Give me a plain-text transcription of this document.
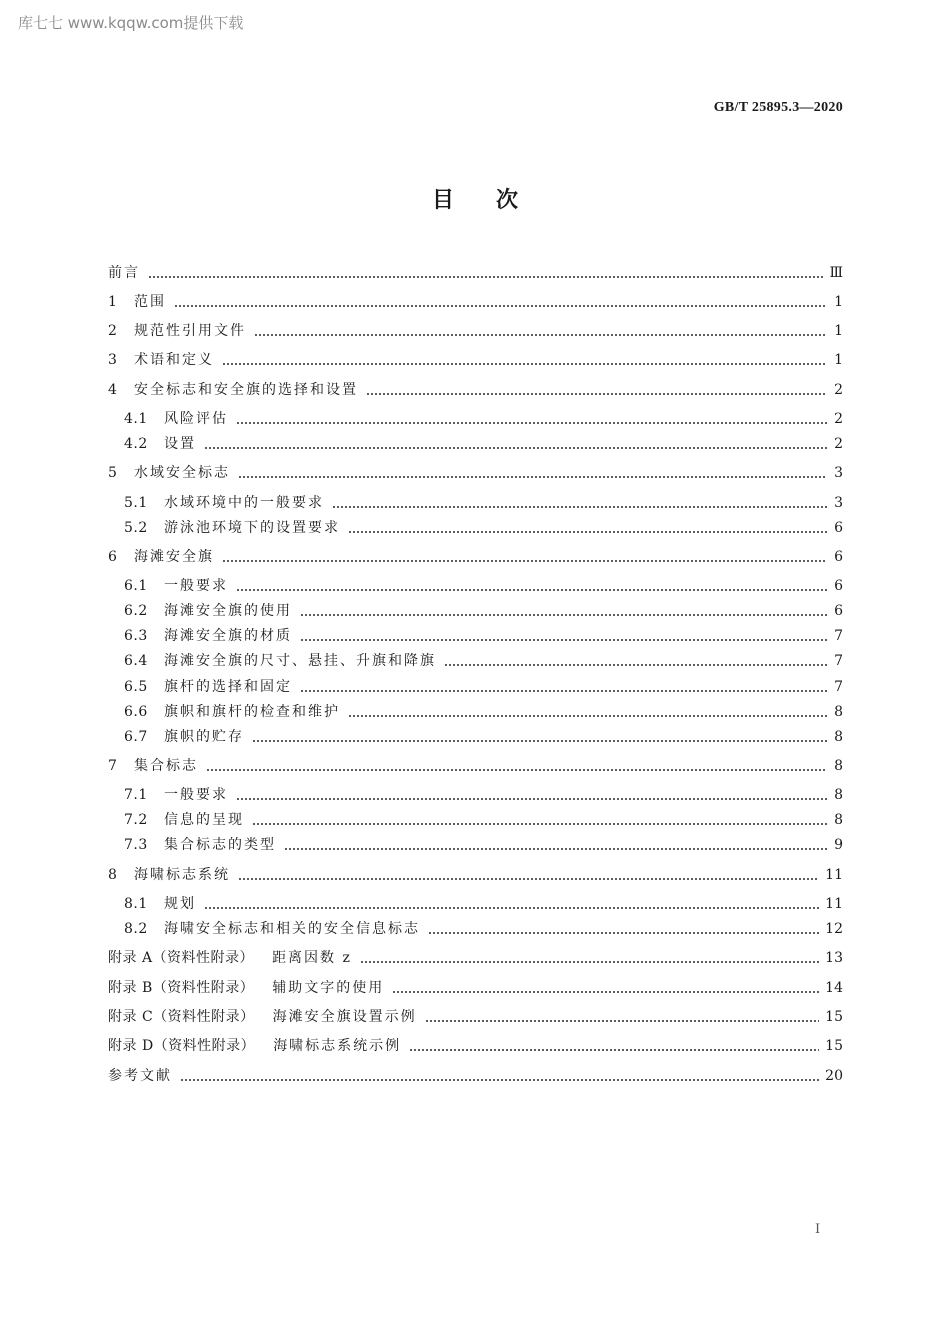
库七七 www.kqqw.com提供下载
GB/T 25895.3—2020
目次
前言	Ⅲ
1	范围	1
2	规范性引用文件	1
3	术语和定义	1
4	安全标志和安全旗的选择和设置	2
4.1	风险评估	2
4.2	设置	2
5	水域安全标志	3
5.1	水域环境中的一般要求	3
5.2	游泳池环境下的设置要求	6
6	海滩安全旗	6
6.1	一般要求	6
6.2	海滩安全旗的使用	6
6.3	海滩安全旗的材质	7
6.4	海滩安全旗的尺寸、悬挂、升旗和降旗	7
6.5	旗杆的选择和固定	7
6.6	旗帜和旗杆的检查和维护	8
6.7	旗帜的贮存	8
7	集合标志	8
7.1	一般要求	8
7.2	信息的呈现	8
7.3	集合标志的类型	9
8	海啸标志系统	11
8.1	规划	11
8.2	海啸安全标志和相关的安全信息标志	12
附录 A（资料性附录） 距离因数 z	13
附录 B（资料性附录） 辅助文字的使用	14
附录 C（资料性附录） 海滩安全旗设置示例	15
附录 D（资料性附录） 海啸标志系统示例	15
参考文献	20
I
